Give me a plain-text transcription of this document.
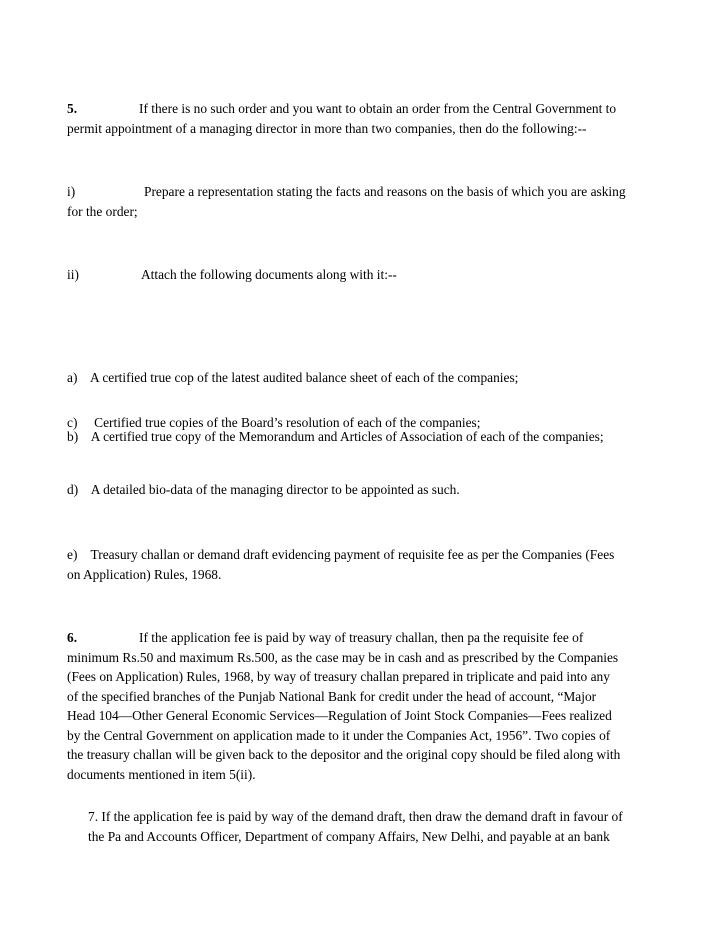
5.	If there is no such order and you want to obtain an order from the Central Government to
permit appointment of a managing director in more than two companies, then do the following:--
i)	Prepare a representation stating the facts and reasons on the basis of which you are asking
for the order;
ii)	Attach the following documents along with it:--

a)    A certified true cop of the latest audited balance sheet of each of the companies;

b)    A certified true copy of the Memorandum and Articles of Association of each of the companies;

c)     Certified true copies of the Board’s resolution of each of the companies;
d)    A detailed bio-data of the managing director to be appointed as such.
e)    Treasury challan or demand draft evidencing payment of requisite fee as per the Companies (Fees
on Application) Rules, 1968.
6.	If the application fee is paid by way of treasury challan, then pa the requisite fee of
minimum Rs.50 and maximum Rs.500, as the case may be in cash and as prescribed by the Companies
(Fees on Application) Rules, 1968, by way of treasury challan prepared in triplicate and paid into any
of the specified branches of the Punjab National Bank for credit under the head of account, “Major
Head 104—Other General Economic Services—Regulation of Joint Stock Companies—Fees realized
by the Central Government on application made to it under the Companies Act, 1956”. Two copies of
the treasury challan will be given back to the depositor and the original copy should be filed along with
documents mentioned in item 5(ii).
7. If the application fee is paid by way of the demand draft, then draw the demand draft in favour of
the Pa and Accounts Officer, Department of company Affairs, New Delhi, and payable at an bank
